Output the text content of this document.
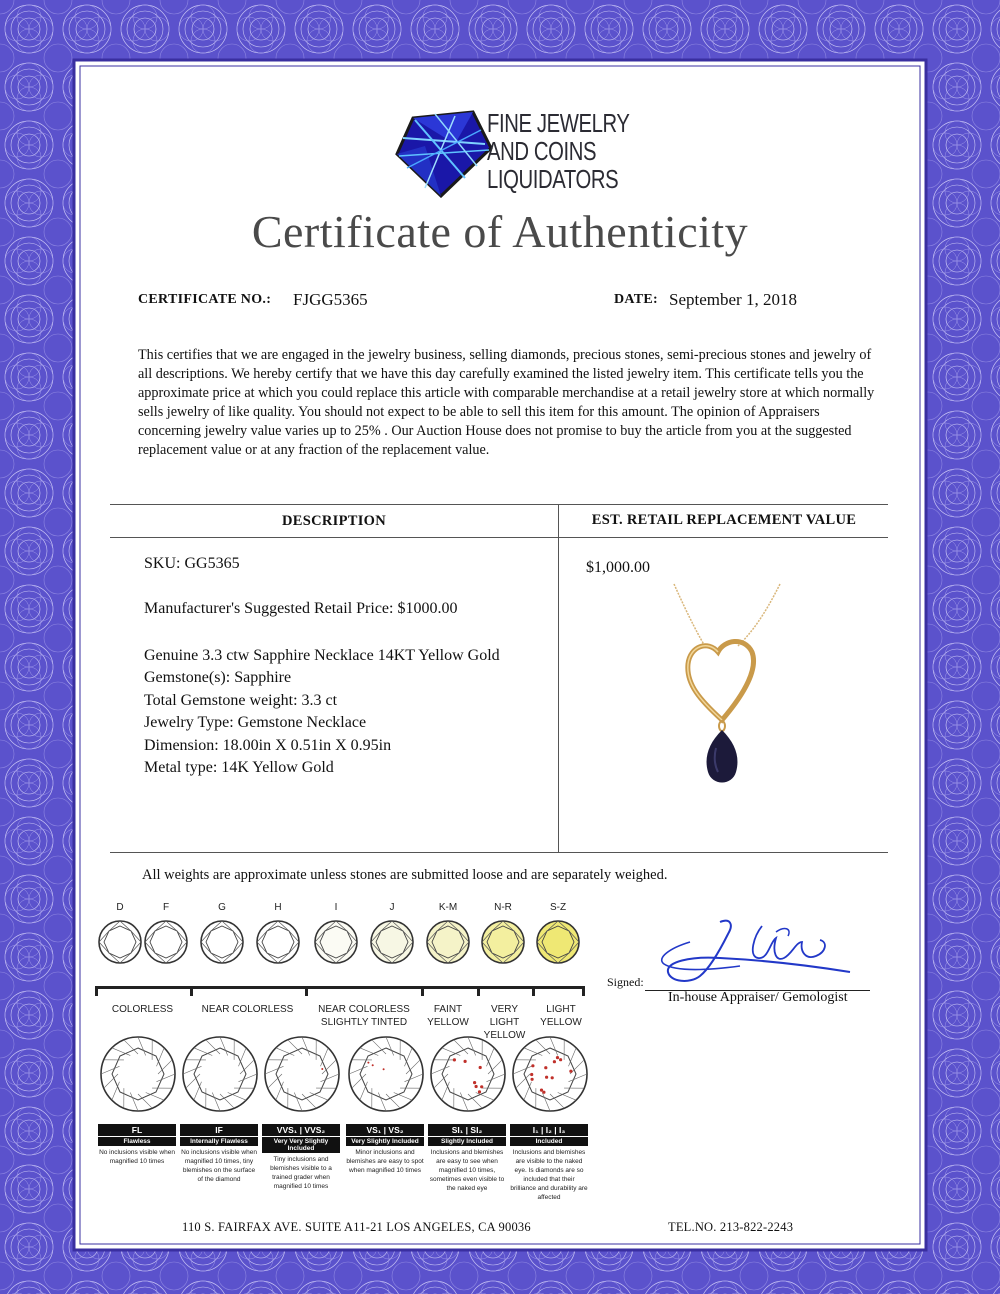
FINE JEWELRY
AND COINS
LIQUIDATORS
Certificate of Authenticity
CERTIFICATE NO.: FJGG5365	DATE: September 1, 2018
This certifies that we are engaged in the jewelry business, selling diamonds, precious stones, semi-precious stones and jewelry of all descriptions. We hereby certify that we have this day carefully examined the listed jewelry item. This certificate tells you the approximate price at which you could replace this article with comparable merchandise at a retail jewelry store at which normally sells jewelry of like quality. You should not expect to be able to sell this item for this amount. The opinion of Appraisers concerning jewelry value varies up to 25% . Our Auction House does not promise to buy the article from you at the suggested replacement value or at any fraction of the replacement value.
DESCRIPTION	EST. RETAIL REPLACEMENT VALUE
SKU: GG5365
Manufacturer's Suggested Retail Price: $1000.00
Genuine 3.3 ctw Sapphire Necklace 14KT Yellow Gold
Gemstone(s): Sapphire
Total Gemstone weight: 3.3 ct
Jewelry Type: Gemstone Necklace
Dimension: 18.00in X 0.51in X 0.95in
Metal type: 14K Yellow Gold
$1,000.00
All weights are approximate unless stones are submitted loose and are separately weighed.
D	F	G	H	I	J	K-M	N-R	S-Z
COLORLESS	NEAR COLORLESS	NEAR COLORLESS
SLIGHTLY TINTED
FAINT
YELLOW
VERY LIGHT
YELLOW
LIGHT
YELLOW
FL
Flawless
No inclusions visible when magnified 10 times
IF
Internally Flawless
No inclusions visible when magnified 10 times, tiny blemishes on the surface of the diamond
VVS₁ | VVS₂
Very Very Slightly Included
Tiny inclusions and blemishes visible to a trained grader when magnified 10 times
VS₁ | VS₂
Very Slightly Included
Minor inclusions and blemishes are easy to spot when magnified 10 times
SI₁ | SI₂
Slightly Included
Inclusions and blemishes are easy to see when magnified 10 times, sometimes even visible to the naked eye
I₁ | I₂ | I₃
Included
Inclusions and blemishes are visible to the naked eye. Is diamonds are so included that their brilliance and durability are affected
Signed:
In-house Appraiser/ Gemologist
110 S. FAIRFAX AVE. SUITE A11-21 LOS ANGELES, CA 90036	TEL.NO. 213-822-2243
